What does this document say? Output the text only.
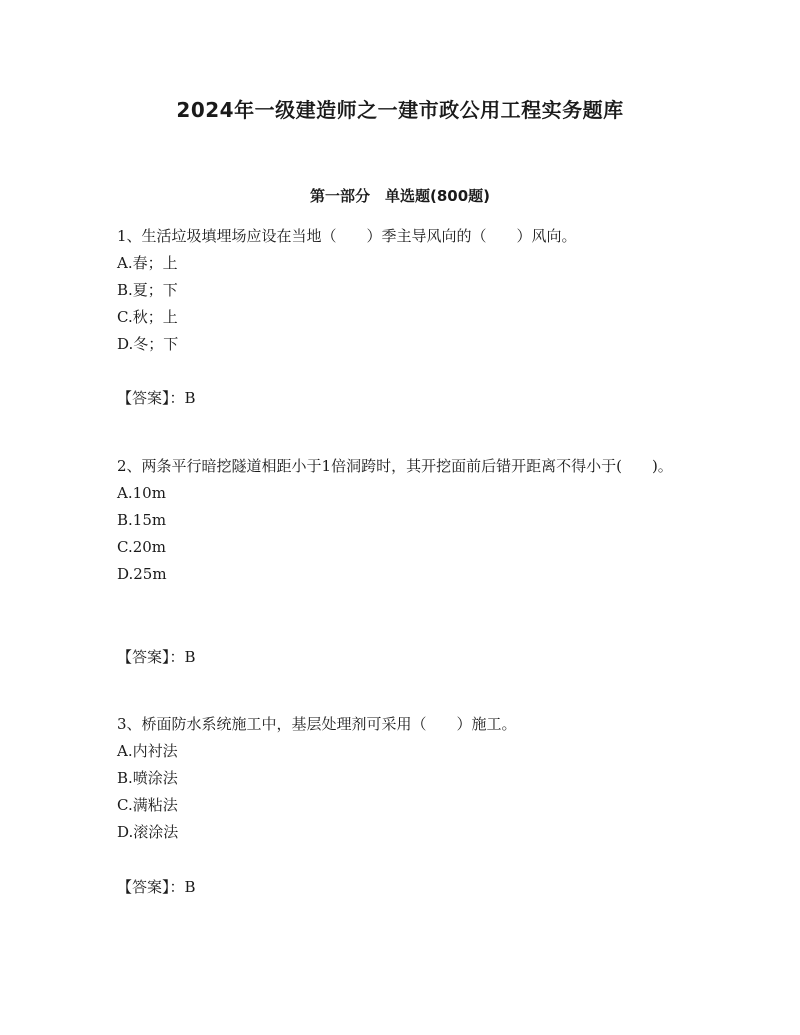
2024年一级建造师之一建市政公用工程实务题库
第一部分　单选题(800题)

1、生活垃圾填埋场应设在当地（　　）季主导风向的（　　）风向。

A.春；上
B.夏；下
C.秋；上
D.冬；下
【答案】：B

2、两条平行暗挖隧道相距小于1倍洞跨时，其开挖面前后错开距离不得小于(　　)。

A.10m
B.15m
C.20m
D.25m
【答案】：B

3、桥面防水系统施工中，基层处理剂可采用（　　）施工。

A.内衬法
B.喷涂法
C.满粘法
D.滚涂法
【答案】：B
